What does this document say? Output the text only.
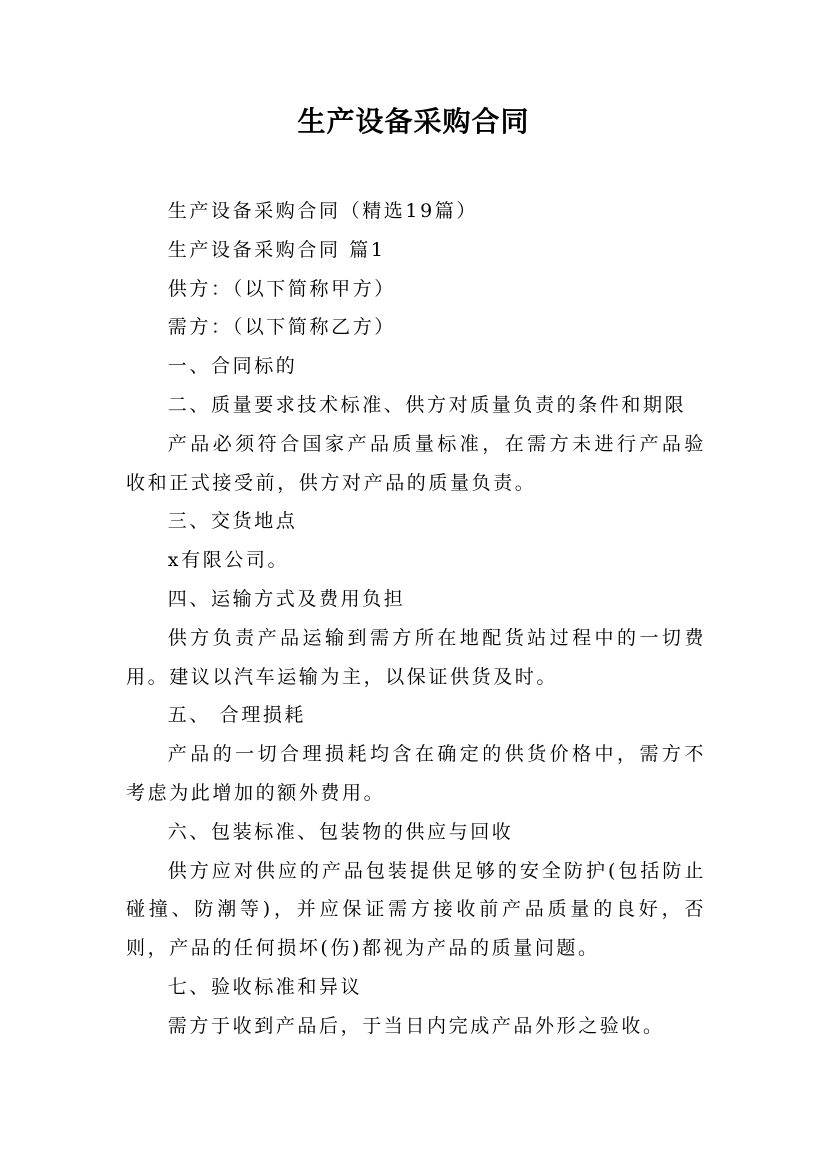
生产设备采购合同

生产设备采购合同（精选19篇）

生产设备采购合同 篇1

供方：（以下简称甲方）

需方：（以下简称乙方）

一、合同标的

二、质量要求技术标准、供方对质量负责的条件和期限

产品必须符合国家产品质量标准，在需方未进行产品验收和正式接受前，供方对产品的质量负责。

三、交货地点

x有限公司。

四、运输方式及费用负担

供方负责产品运输到需方所在地配货站过程中的一切费用。建议以汽车运输为主，以保证供货及时。

五、 合理损耗

产品的一切合理损耗均含在确定的供货价格中，需方不考虑为此增加的额外费用。

六、包装标准、包装物的供应与回收

供方应对供应的产品包装提供足够的安全防护(包括防止碰撞、防潮等)，并应保证需方接收前产品质量的良好，否则，产品的任何损坏(伤)都视为产品的质量问题。

七、验收标准和异议

需方于收到产品后，于当日内完成产品外形之验收。
